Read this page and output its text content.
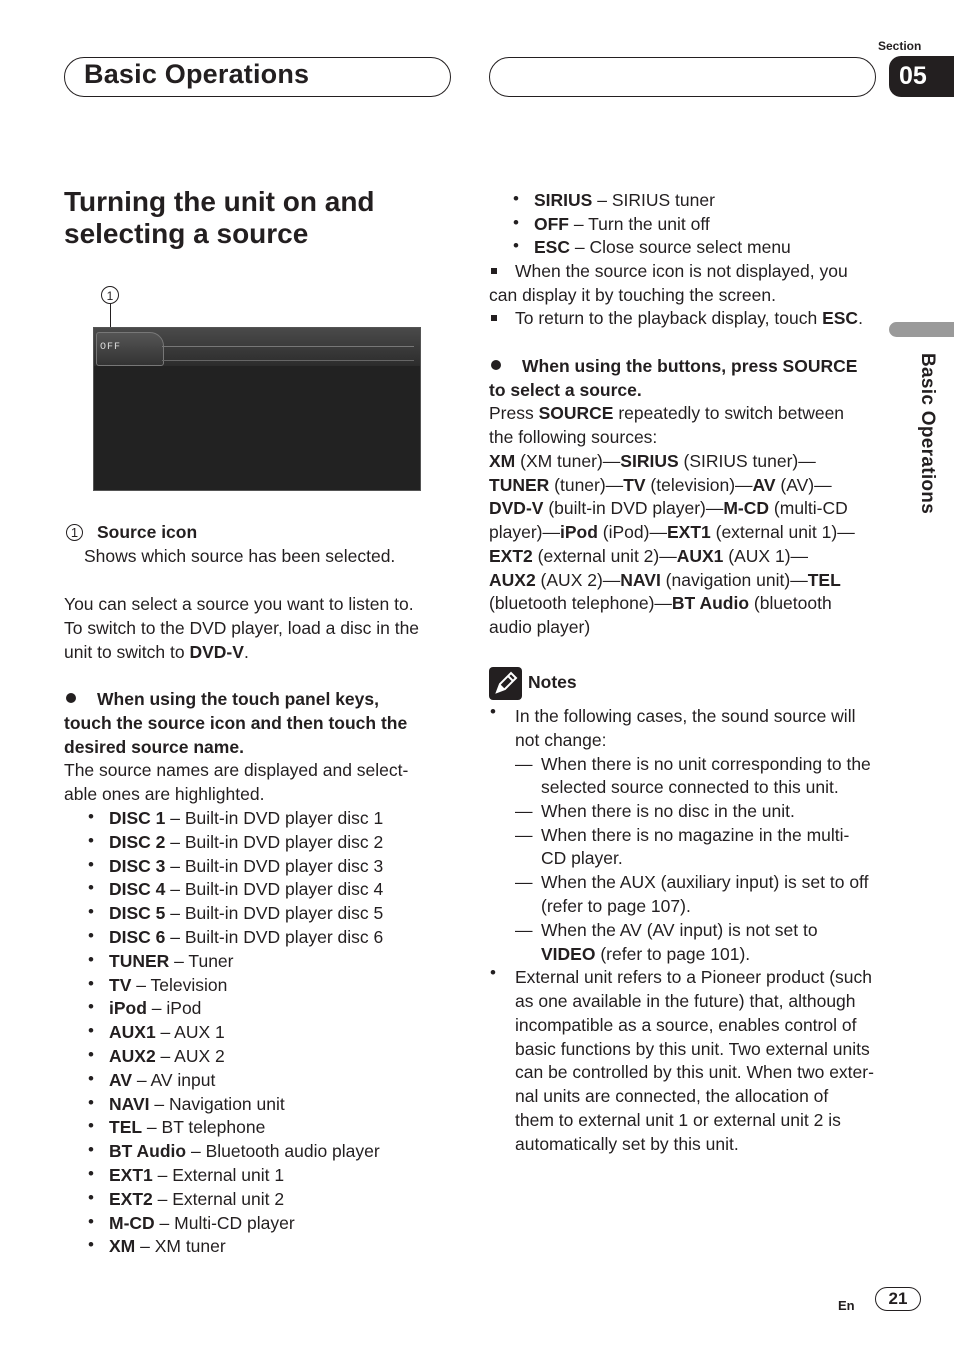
Basic Operations
Section
05
Basic Operations
Turning the unit on and
selecting a source
1
OFF
1 Source icon
Shows which source has been selected.
You can select a source you want to listen to.
To switch to the DVD player, load a disc in the
unit to switch to DVD-V.
When using the touch panel keys,
touch the source icon and then touch the
desired source name.
The source names are displayed and select-
able ones are highlighted.
• DISC 1 – Built-in DVD player disc 1
• DISC 2 – Built-in DVD player disc 2
• DISC 3 – Built-in DVD player disc 3
• DISC 4 – Built-in DVD player disc 4
• DISC 5 – Built-in DVD player disc 5
• DISC 6 – Built-in DVD player disc 6
• TUNER – Tuner
• TV – Television
• iPod – iPod
• AUX1 – AUX 1
• AUX2 – AUX 2
• AV – AV input
• NAVI – Navigation unit
• TEL – BT telephone
• BT Audio – Bluetooth audio player
• EXT1 – External unit 1
• EXT2 – External unit 2
• M-CD – Multi-CD player
• XM – XM tuner
• SIRIUS – SIRIUS tuner
• OFF – Turn the unit off
• ESC – Close source select menu
When the source icon is not displayed, you
can display it by touching the screen.
To return to the playback display, touch ESC.
When using the buttons, press SOURCE
to select a source.
Press SOURCE repeatedly to switch between
the following sources:
XM (XM tuner)—SIRIUS (SIRIUS tuner)—
TUNER (tuner)—TV (television)—AV (AV)—
DVD-V (built-in DVD player)—M-CD (multi-CD
player)—iPod (iPod)—EXT1 (external unit 1)—
EXT2 (external unit 2)—AUX1 (AUX 1)—
AUX2 (AUX 2)—NAVI (navigation unit)—TEL
(bluetooth telephone)—BT Audio (bluetooth
audio player)
Notes
• In the following cases, the sound source will
not change:
— When there is no unit corresponding to the
selected source connected to this unit.
— When there is no disc in the unit.
— When there is no magazine in the multi-
CD player.
— When the AUX (auxiliary input) is set to off
(refer to page 107).
— When the AV (AV input) is not set to
VIDEO (refer to page 101).
• External unit refers to a Pioneer product (such
as one available in the future) that, although
incompatible as a source, enables control of
basic functions by this unit. Two external units
can be controlled by this unit. When two exter-
nal units are connected, the allocation of
them to external unit 1 or external unit 2 is
automatically set by this unit.
En	21
